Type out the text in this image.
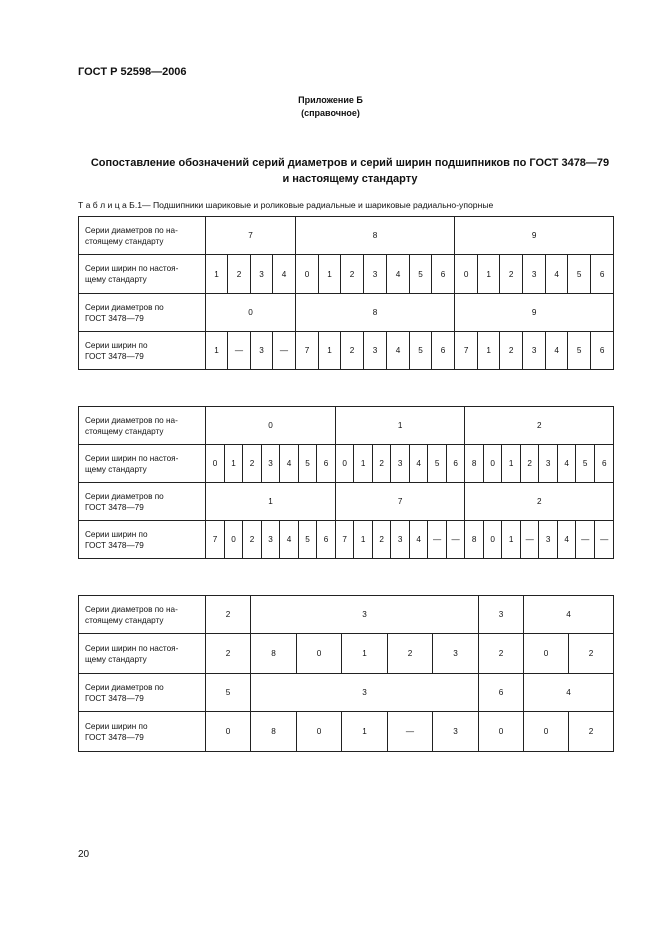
ГОСТ Р 52598—2006
Приложение Б
(справочное)
Сопоставление обозначений серий диаметров и серий ширин подшипников по ГОСТ 3478—79
и настоящему стандарту
Т а б л и ц а Б.1— Подшипники шариковые и роликовые радиальные и шариковые радиально-упорные
Серии диаметров по на-
стоящему стандарту	7				8							9						
Серии ширин по настоя-
щему стандарту	1	2	3	4	0	1	2	3	4	5	6	0	1	2	3	4	5	6
Серии диаметров по
ГОСТ 3478—79	0				8							9						
Серии ширин по
ГОСТ 3478—79	1	—	3	—	7	1	2	3	4	5	6	7	1	2	3	4	5	6
Серии диаметров по на-
стоящему стандарту	0							1							2							
Серии ширин по настоя-
щему стандарту	0	1	2	3	4	5	6	0	1	2	3	4	5	6	8	0	1	2	3	4	5	6
Серии диаметров по
ГОСТ 3478—79	1							7							2							
Серии ширин по
ГОСТ 3478—79	7	0	2	3	4	5	6	7	1	2	3	4	—	—	8	0	1	—	3	4	—	—
Серии диаметров по на-
стоящему стандарту	2	3					3	4	
Серии ширин по настоя-
щему стандарту	2	8	0	1	2	3	2	0	2
Серии диаметров по
ГОСТ 3478—79	5	3					6	4	
Серии ширин по
ГОСТ 3478—79	0	8	0	1	—	3	0	0	2
20
